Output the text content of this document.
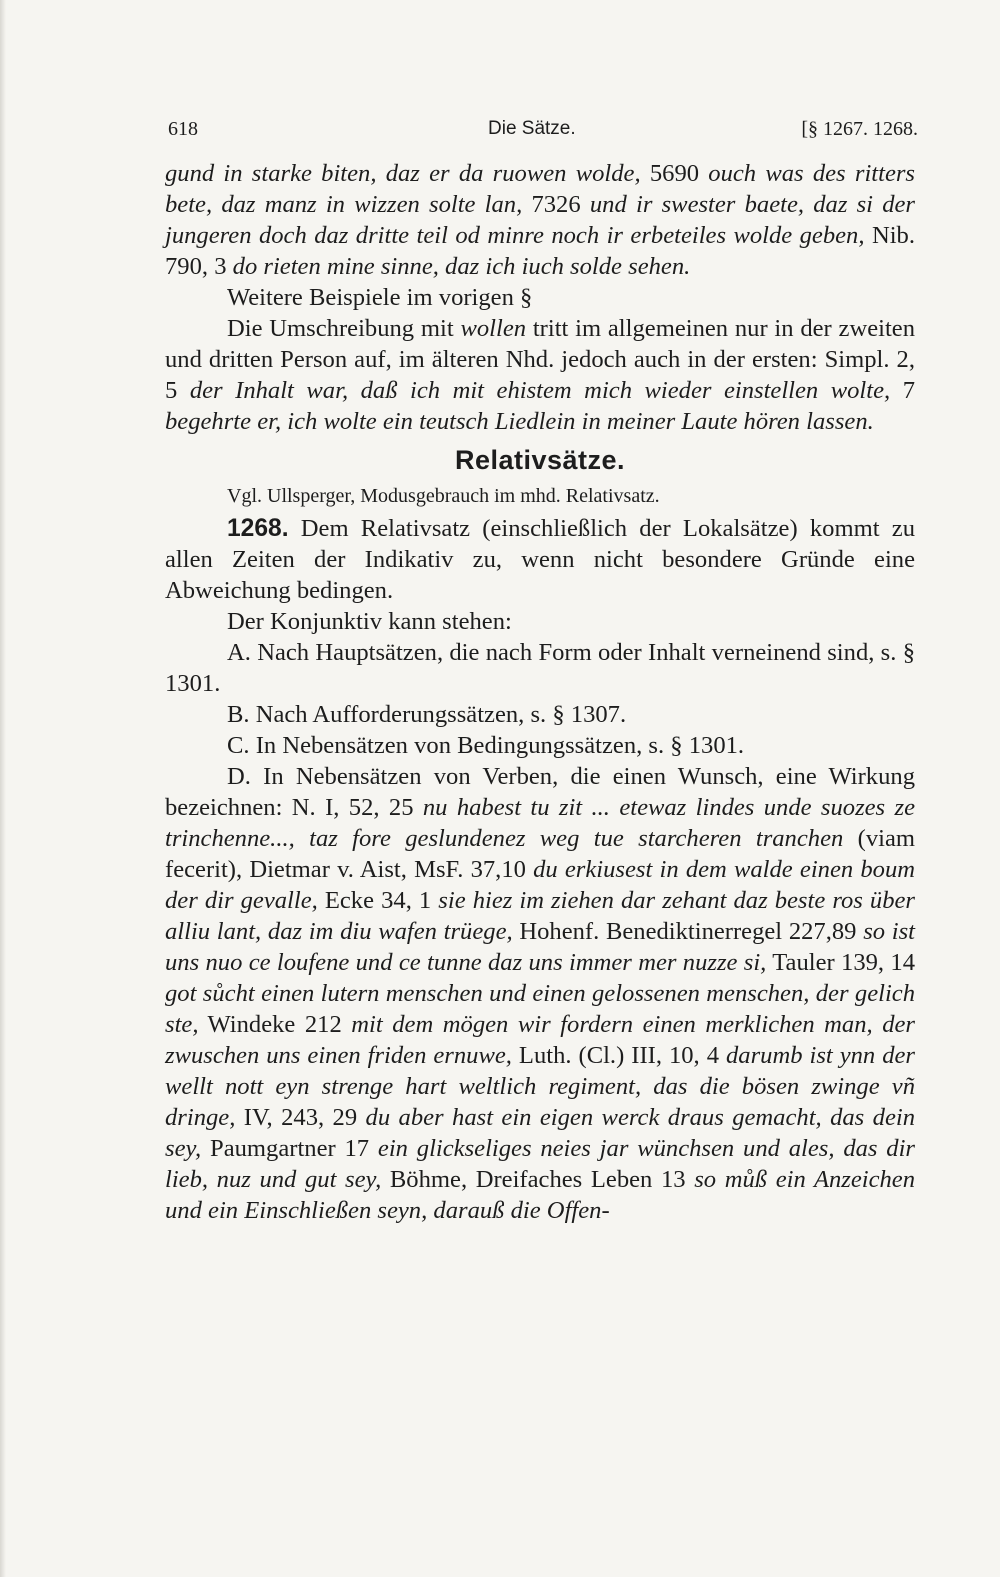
618	Die Sätze.	[§ 1267. 1268.

gund in starke biten, daz er da ruowen wolde, 5690 ouch was des ritters bete, daz manz in wizzen solte lan, 7326 und ir swester baete, daz si der jungeren doch daz dritte teil od minre noch ir erbeteiles wolde geben, Nib. 790, 3 do rieten mine sinne, daz ich iuch solde sehen.

Weitere Beispiele im vorigen §

Die Umschreibung mit wollen tritt im allgemeinen nur in der zweiten und dritten Person auf, im älteren Nhd. jedoch auch in der ersten: Simpl. 2, 5 der Inhalt war, daß ich mit ehistem mich wieder einstellen wolte, 7 begehrte er, ich wolte ein teutsch Liedlein in meiner Laute hören lassen.

Relativsätze.

Vgl. Ullsperger, Modusgebrauch im mhd. Relativsatz.

1268. Dem Relativsatz (einschließlich der Lokalsätze) kommt zu allen Zeiten der Indikativ zu, wenn nicht besondere Gründe eine Abweichung bedingen.

Der Konjunktiv kann stehen:

A. Nach Hauptsätzen, die nach Form oder Inhalt verneinend sind, s. § 1301.

B. Nach Aufforderungssätzen, s. § 1307.

C. In Nebensätzen von Bedingungssätzen, s. § 1301.

D. In Nebensätzen von Verben, die einen Wunsch, eine Wirkung bezeichnen: N. I, 52, 25 nu habest tu zit ... etewaz lindes unde suozes ze trinchenne..., taz fore geslundenez weg tue starcheren tranchen (viam fecerit), Dietmar v. Aist, MsF. 37,10 du erkiusest in dem walde einen boum der dir gevalle, Ecke 34, 1 sie hiez im ziehen dar zehant daz beste ros über alliu lant, daz im diu wafen trüege, Hohenf. Benediktinerregel 227,89 so ist uns nuo ce loufene und ce tunne daz uns immer mer nuzze si, Tauler 139, 14 got sůcht einen lutern menschen und einen gelossenen menschen, der gelich ste, Windeke 212 mit dem mögen wir fordern einen merklichen man, der zwuschen uns einen friden ernuwe, Luth. (Cl.) III, 10, 4 darumb ist ynn der wellt nott eyn strenge hart weltlich regiment, das die bösen zwinge vñ dringe, IV, 243, 29 du aber hast ein eigen werck draus gemacht, das dein sey, Paumgartner 17 ein glickseliges neies jar wünchsen und ales, das dir lieb, nuz und gut sey, Böhme, Dreifaches Leben 13 so můß ein Anzeichen und ein Einschließen seyn, darauß die Offen-
